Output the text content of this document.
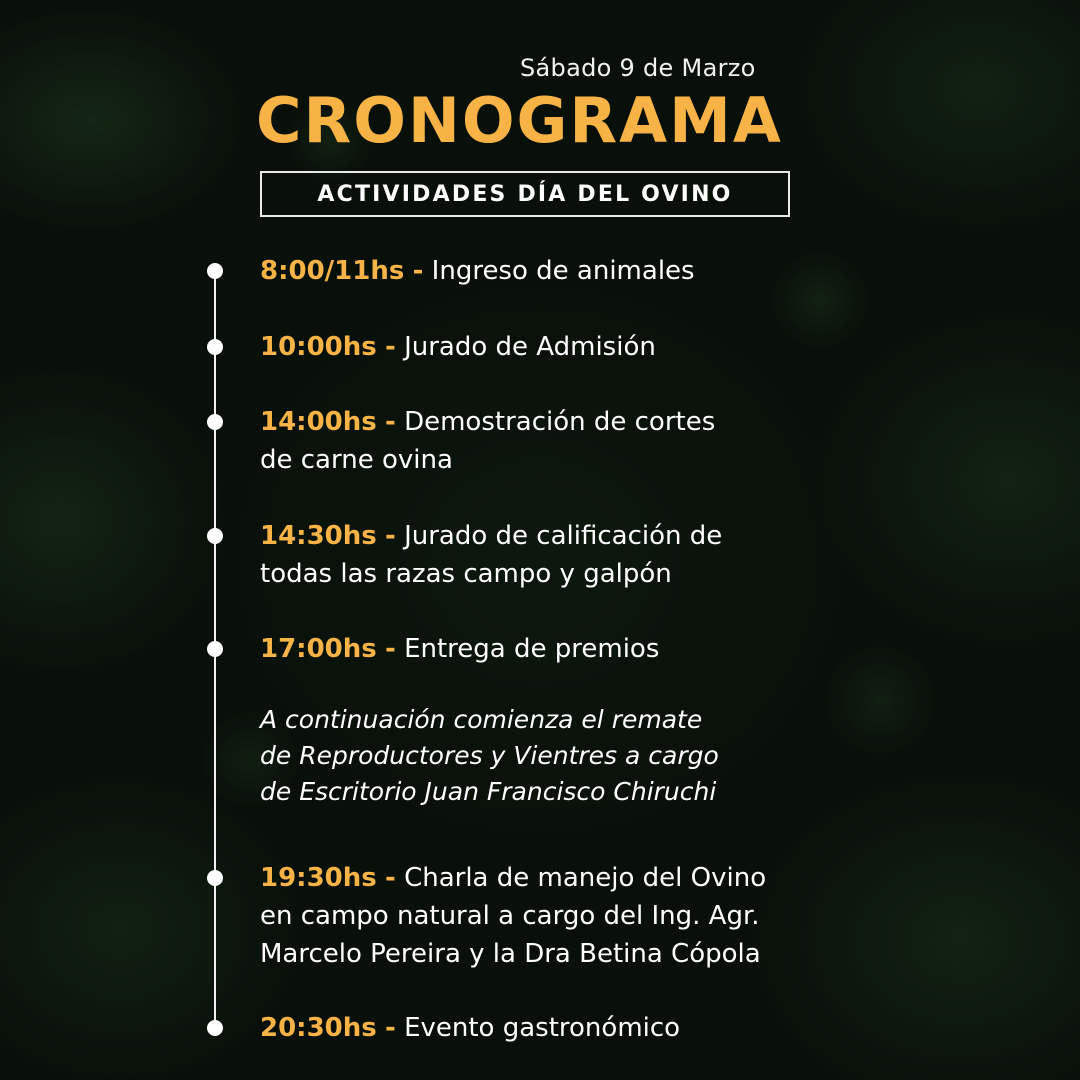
Sábado 9 de Marzo
CRONOGRAMA
ACTIVIDADES DÍA DEL OVINO
8:00/11hs - Ingreso de animales
10:00hs - Jurado de Admisión
14:00hs - Demostración de cortes
de carne ovina
14:30hs - Jurado de calificación de
todas las razas campo y galpón
17:00hs - Entrega de premios
A continuación comienza el remate
de Reproductores y Vientres a cargo
de Escritorio Juan Francisco Chiruchi
19:30hs - Charla de manejo del Ovino
en campo natural a cargo del Ing. Agr.
Marcelo Pereira y la Dra Betina Cópola
20:30hs - Evento gastronómico
